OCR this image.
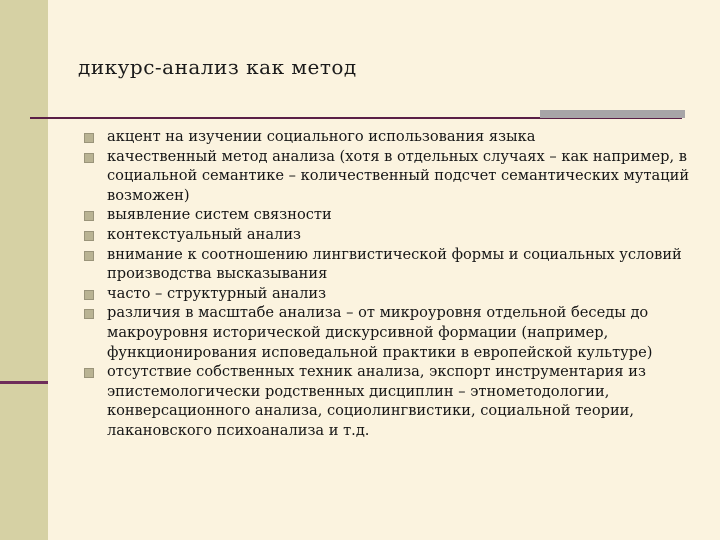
дикурс-анализ как метод
акцент на изучении социального использования языка
качественный метод анализа (хотя в отдельных случаях – как например, в социальной семантике – количественный подсчет семантических мутаций возможен)
выявление систем связности
контекстуальный анализ
внимание к соотношению лингвистической формы и социальных условий производства высказывания
часто – структурный анализ
различия в масштабе анализа – от микроуровня отдельной беседы до макроуровня исторической дискурсивной формации (например, функционирования исповедальной практики в европейской культуре)
отсутствие собственных техник анализа, экспорт инструментария из эпистемологически родственных дисциплин – этнометодологии, конверсационного анализа, социолингвистики, социальной теории, лакановского психоанализа и т.д.
